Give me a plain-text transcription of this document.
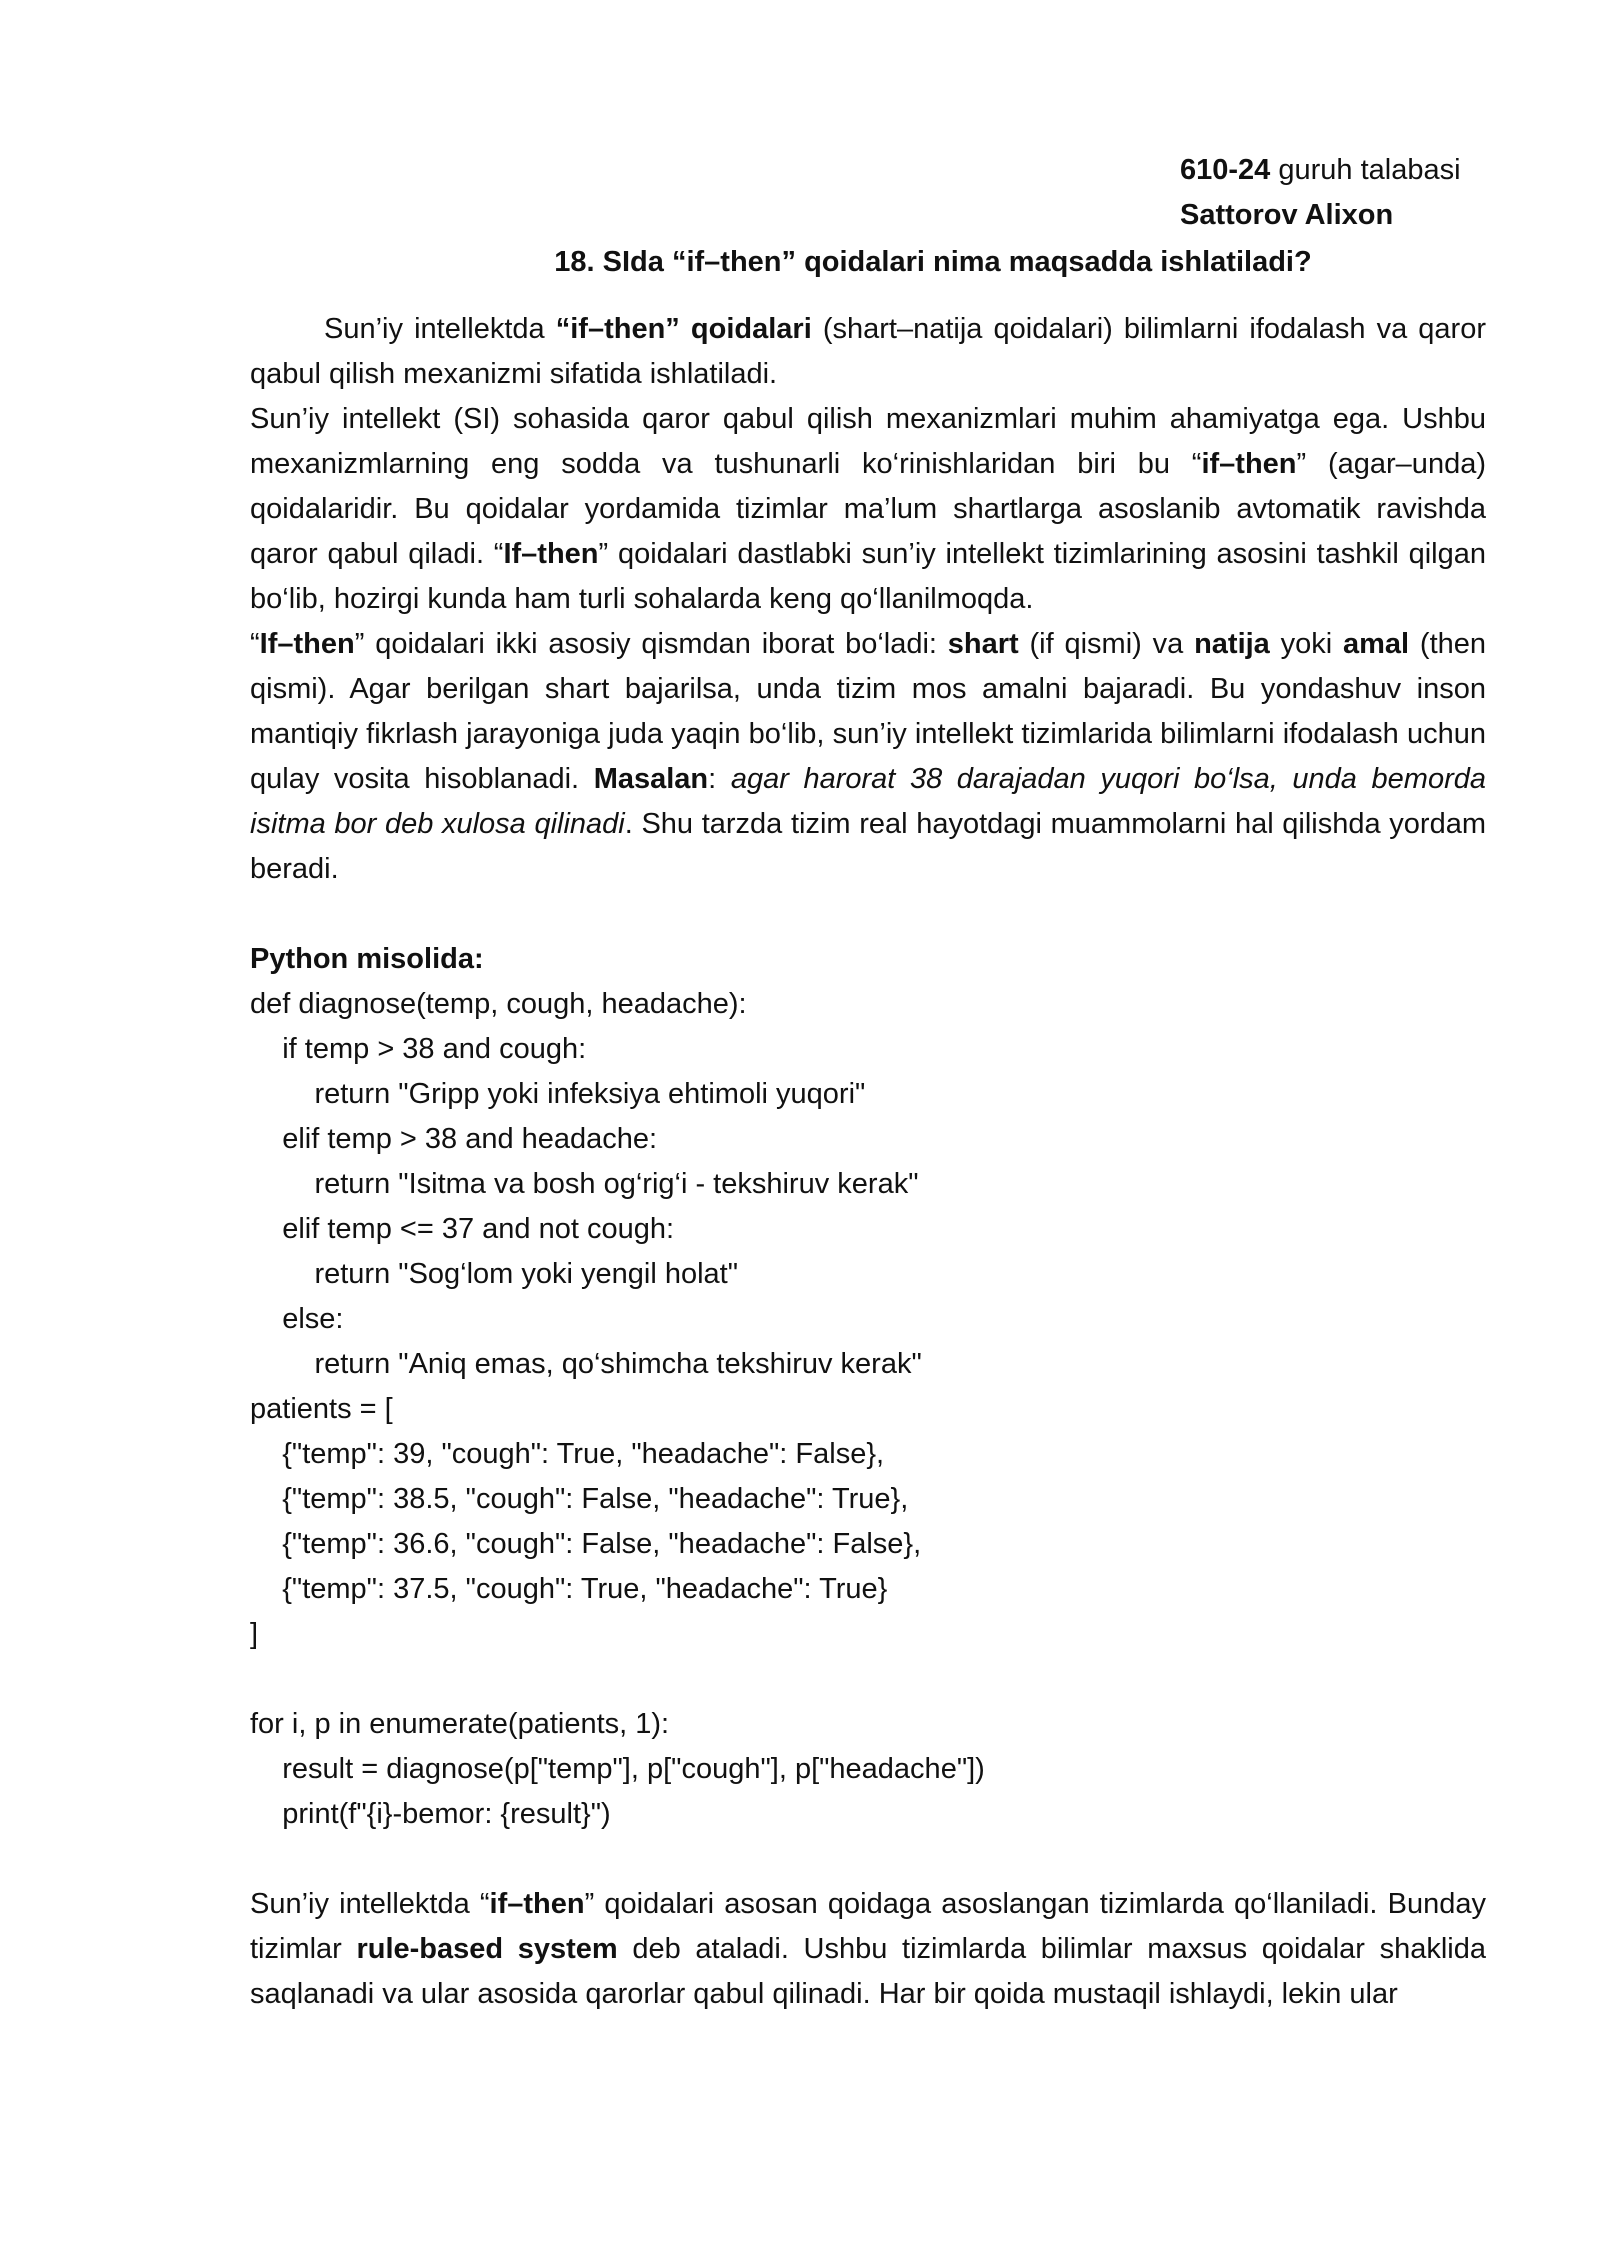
610-24 guruh talabasi
Sattorov Alixon
18. SIda “if–then” qoidalari nima maqsadda ishlatiladi?

Sun’iy intellektda “if–then” qoidalari (shart–natija qoidalari) bilimlarni ifodalash va qaror qabul qilish mexanizmi sifatida ishlatiladi.

Sun’iy intellekt (SI) sohasida qaror qabul qilish mexanizmlari muhim ahamiyatga ega. Ushbu mexanizmlarning eng sodda va tushunarli ko‘rinishlaridan biri bu “if–then” (agar–unda) qoidalaridir. Bu qoidalar yordamida tizimlar ma’lum shartlarga asoslanib avtomatik ravishda qaror qabul qiladi. “If–then” qoidalari dastlabki sun’iy intellekt tizimlarining asosini tashkil qilgan bo‘lib, hozirgi kunda ham turli sohalarda keng qo‘llanilmoqda.

“If–then” qoidalari ikki asosiy qismdan iborat bo‘ladi: shart (if qismi) va natija yoki amal (then qismi). Agar berilgan shart bajarilsa, unda tizim mos amalni bajaradi. Bu yondashuv inson mantiqiy fikrlash jarayoniga juda yaqin bo‘lib, sun’iy intellekt tizimlarida bilimlarni ifodalash uchun qulay vosita hisoblanadi. Masalan: agar harorat 38 darajadan yuqori bo‘lsa, unda bemorda isitma bor deb xulosa qilinadi. Shu tarzda tizim real hayotdagi muammolarni hal qilishda yordam beradi.

Python misolida:

def diagnose(temp, cough, headache):
if temp > 38 and cough:
return "Gripp yoki infeksiya ehtimoli yuqori"
elif temp > 38 and headache:
return "Isitma va bosh og‘rig‘i - tekshiruv kerak"
elif temp <= 37 and not cough:
return "Sog‘lom yoki yengil holat"
else:
return "Aniq emas, qo‘shimcha tekshiruv kerak"
patients = [
{"temp": 39, "cough": True, "headache": False},
{"temp": 38.5, "cough": False, "headache": True},
{"temp": 36.6, "cough": False, "headache": False},
{"temp": 37.5, "cough": True, "headache": True}
]
for i, p in enumerate(patients, 1):
result = diagnose(p["temp"], p["cough"], p["headache"])
print(f"{i}-bemor: {result}")

Sun’iy intellektda “if–then” qoidalari asosan qoidaga asoslangan tizimlarda qo‘llaniladi. Bunday tizimlar rule-based system deb ataladi. Ushbu tizimlarda bilimlar maxsus qoidalar shaklida saqlanadi va ular asosida qarorlar qabul qilinadi. Har bir qoida mustaqil ishlaydi, lekin ular
